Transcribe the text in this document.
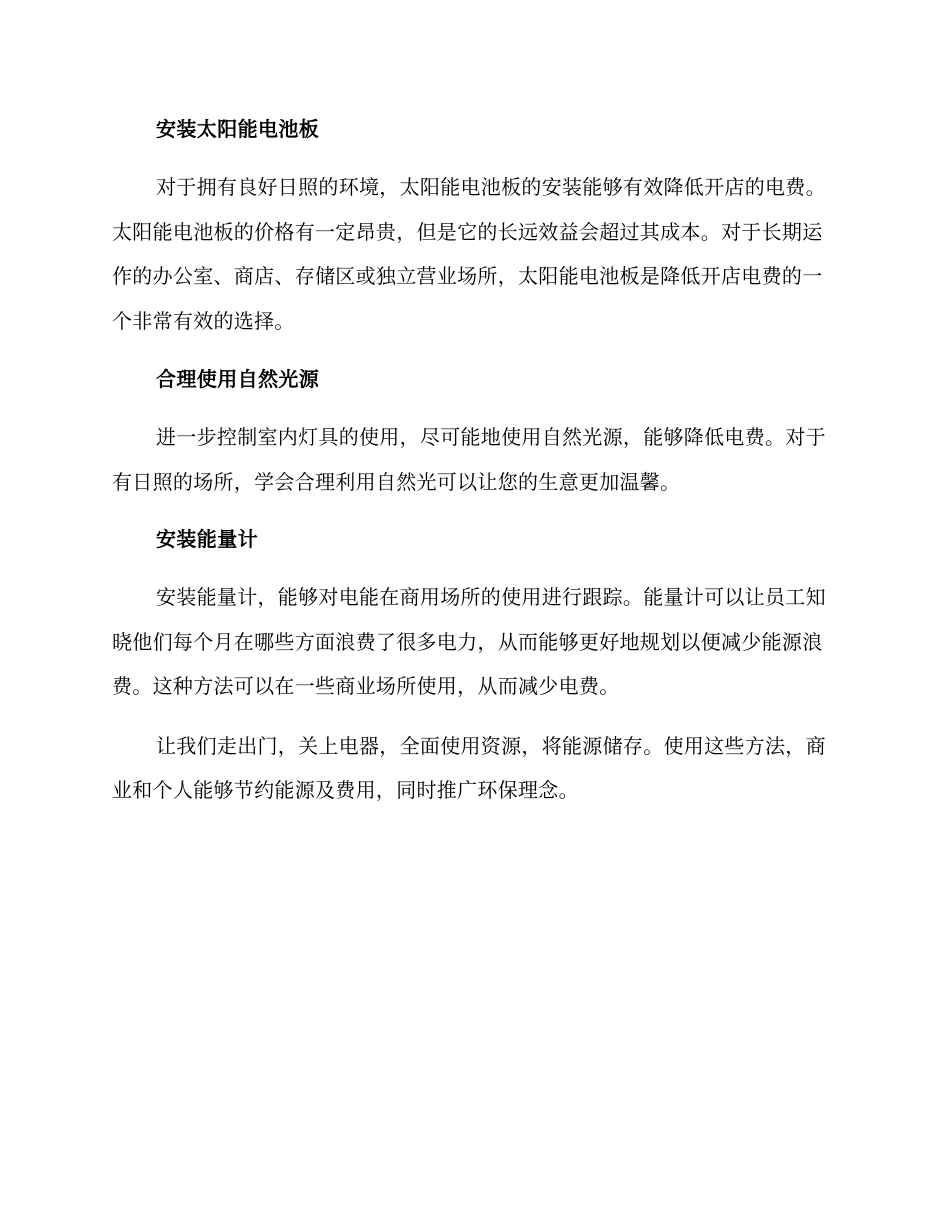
安装太阳能电池板

对于拥有良好日照的环境，太阳能电池板的安装能够有效降低开店的电费。太阳能电池板的价格有一定昂贵，但是它的长远效益会超过其成本。对于长期运作的办公室、商店、存储区或独立营业场所，太阳能电池板是降低开店电费的一个非常有效的选择。

合理使用自然光源

进一步控制室内灯具的使用，尽可能地使用自然光源，能够降低电费。对于有日照的场所，学会合理利用自然光可以让您的生意更加温馨。

安装能量计

安装能量计，能够对电能在商用场所的使用进行跟踪。能量计可以让员工知晓他们每个月在哪些方面浪费了很多电力，从而能够更好地规划以便减少能源浪费。这种方法可以在一些商业场所使用，从而减少电费。

让我们走出门，关上电器，全面使用资源，将能源储存。使用这些方法，商业和个人能够节约能源及费用，同时推广环保理念。
